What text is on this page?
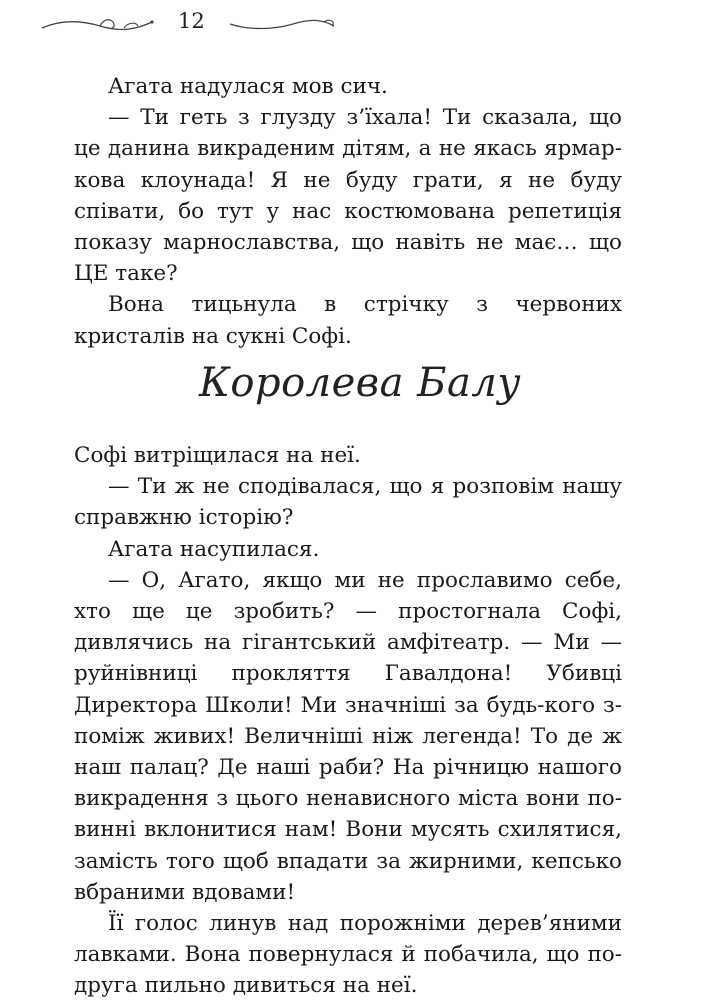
12

Агата надулася мов сич.

— Ти геть з глузду з’їхала! Ти сказала, що це данина викраденим дітям, а не якась ярмаркова клоунада! Я не буду грати, я не буду співати, бо тут у нас костюмована репетиція показу марнославства, що навіть не має… що ЦЕ таке?

Вона тицьнула в стрічку з червоних кристалів на сукні Софі.

Королева Балу

Софі витріщилася на неї.

— Ти ж не сподівалася, що я розповім нашу справжню історію?

Агата насупилася.

— О, Агато, якщо ми не прославимо себе, хто ще це зробить? — простогнала Софі, дивлячись на гігантський амфітеатр. — Ми — руйнівниці прокляття Гавалдона! Убивці Директора Школи! Ми значніші за будь-кого з-поміж живих! Величніші ніж легенда! То де ж наш палац? Де наші раби? На річницю нашого викрадення з цього ненависного міста вони повинні вклонитися нам! Вони мусять схилятися, замість того щоб впадати за жирними, кепсько вбраними вдовами!

Її голос линув над порожніми дерев’яними лавками. Вона повернулася й побачила, що подруга пильно дивиться на неї.
